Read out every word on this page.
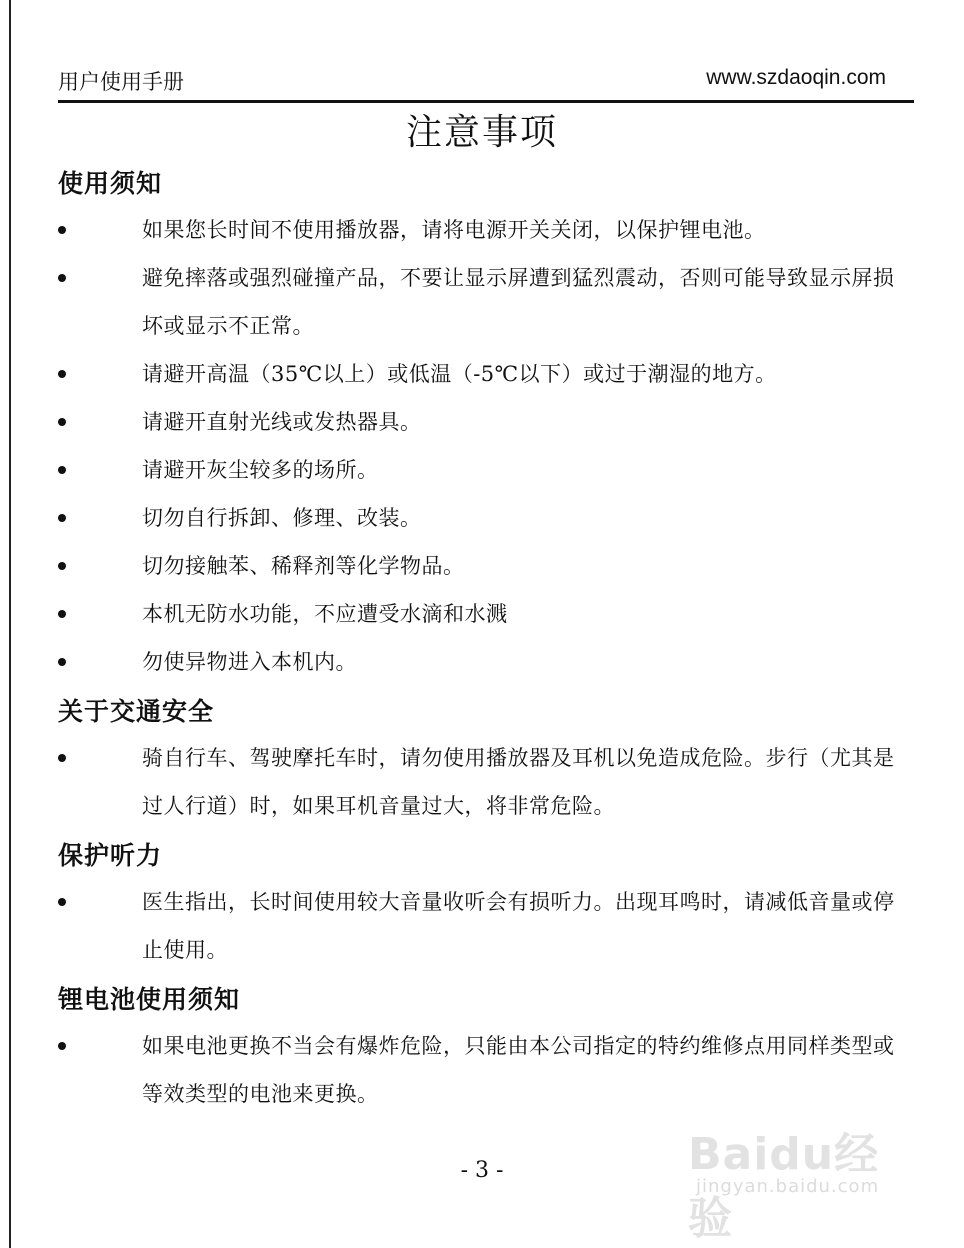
用户使用手册	www.szdaoqin.com
注意事项
使用须知
如果您长时间不使用播放器，请将电源开关关闭，以保护锂电池。
避免摔落或强烈碰撞产品，不要让显示屏遭到猛烈震动，否则可能导致显示屏损坏或显示不正常。
请避开高温（35℃以上）或低温（-5℃以下）或过于潮湿的地方。
请避开直射光线或发热器具。
请避开灰尘较多的场所。
切勿自行拆卸、修理、改装。
切勿接触苯、稀释剂等化学物品。
本机无防水功能，不应遭受水滴和水溅
勿使异物进入本机内。
关于交通安全
骑自行车、驾驶摩托车时，请勿使用播放器及耳机以免造成危险。步行（尤其是过人行道）时，如果耳机音量过大，将非常危险。
保护听力
医生指出，长时间使用较大音量收听会有损听力。出现耳鸣时，请减低音量或停止使用。
锂电池使用须知
如果电池更换不当会有爆炸危险，只能由本公司指定的特约维修点用同样类型或等效类型的电池来更换。
- 3 -	Baidu经验
jingyan.baidu.com
